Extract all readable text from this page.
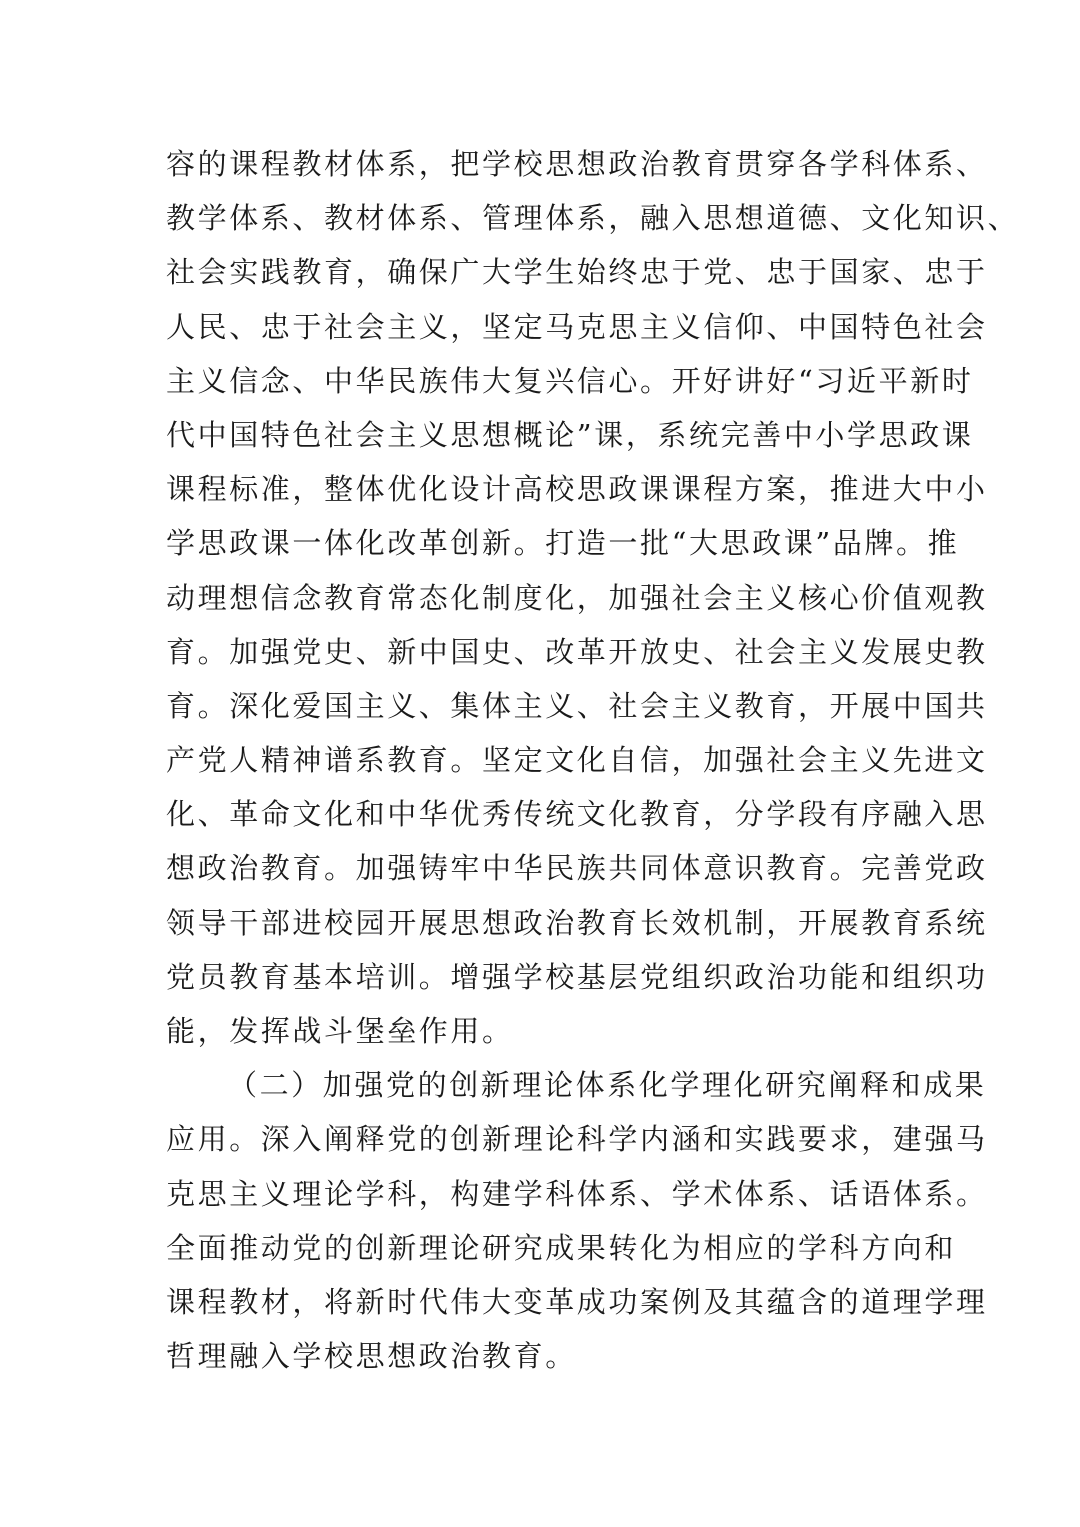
容的课程教材体系，把学校思想政治教育贯穿各学科体系、
教学体系、教材体系、管理体系，融入思想道德、文化知识、
社会实践教育，确保广大学生始终忠于党、忠于国家、忠于
人民、忠于社会主义，坚定马克思主义信仰、中国特色社会
主义信念、中华民族伟大复兴信心。开好讲好“习近平新时
代中国特色社会主义思想概论”课，系统完善中小学思政课
课程标准，整体优化设计高校思政课课程方案，推进大中小
学思政课一体化改革创新。打造一批“大思政课”品牌。推
动理想信念教育常态化制度化，加强社会主义核心价值观教
育。加强党史、新中国史、改革开放史、社会主义发展史教
育。深化爱国主义、集体主义、社会主义教育，开展中国共
产党人精神谱系教育。坚定文化自信，加强社会主义先进文
化、革命文化和中华优秀传统文化教育，分学段有序融入思
想政治教育。加强铸牢中华民族共同体意识教育。完善党政
领导干部进校园开展思想政治教育长效机制，开展教育系统
党员教育基本培训。增强学校基层党组织政治功能和组织功
能，发挥战斗堡垒作用。
（二）加强党的创新理论体系化学理化研究阐释和成果
应用。深入阐释党的创新理论科学内涵和实践要求，建强马
克思主义理论学科，构建学科体系、学术体系、话语体系。
全面推动党的创新理论研究成果转化为相应的学科方向和
课程教材，将新时代伟大变革成功案例及其蕴含的道理学理
哲理融入学校思想政治教育。
